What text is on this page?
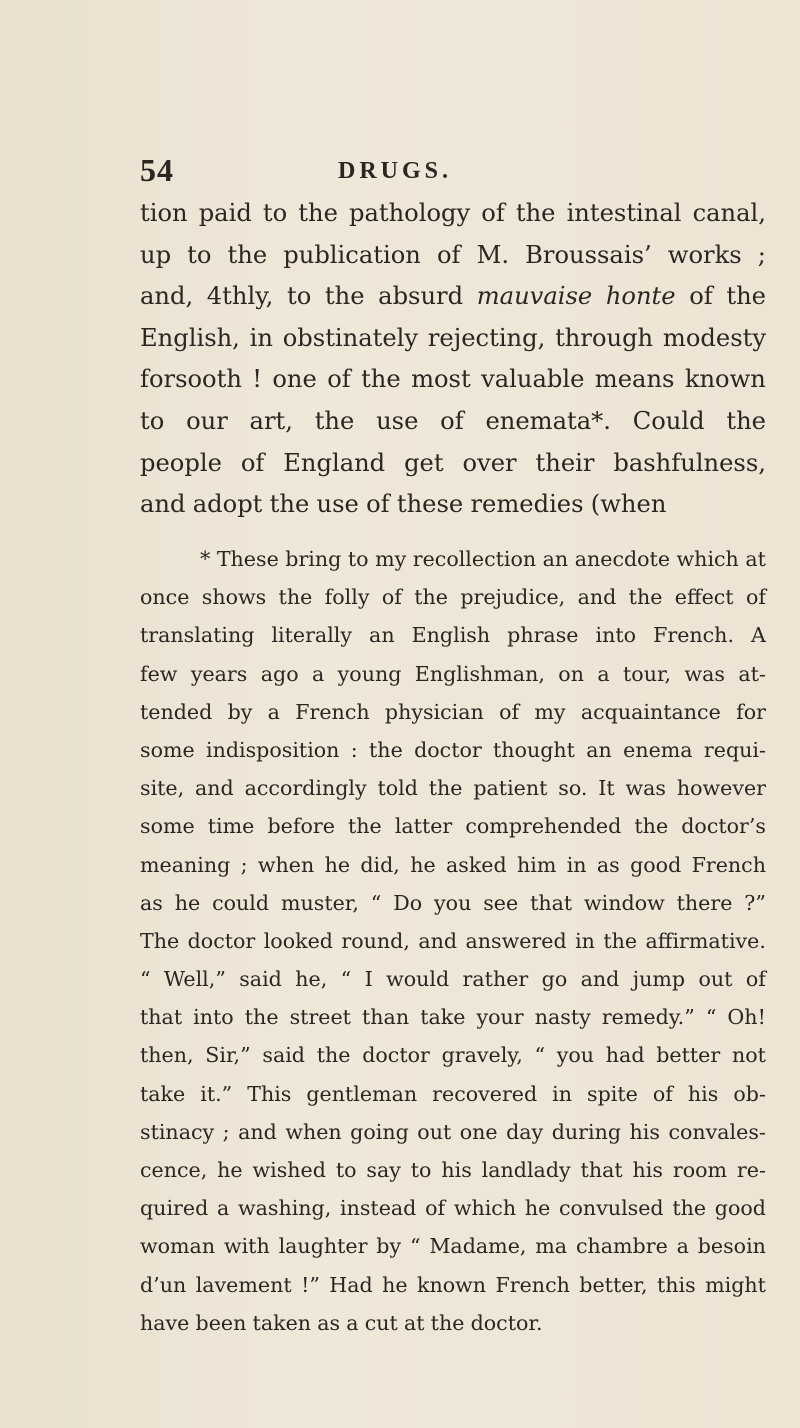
54	DRUGS.
tion paid to the pathology of the intestinal canal,
up to the publication of M. Broussais’ works ;
and, 4thly, to the absurd mauvaise honte of the
English, in obstinately rejecting, through modesty
forsooth ! one of the most valuable means known
to our art, the use of enemata*. Could the
people of England get over their bashfulness,
and adopt the use of these remedies (when
* These bring to my recollection an anecdote which at
once shows the folly of the prejudice, and the effect of
translating literally an English phrase into French. A
few years ago a young Englishman, on a tour, was at-
tended by a French physician of my acquaintance for
some indisposition : the doctor thought an enema requi-
site, and accordingly told the patient so. It was however
some time before the latter comprehended the doctor’s
meaning ; when he did, he asked him in as good French
as he could muster, “ Do you see that window there ?”
The doctor looked round, and answered in the affirmative.
“ Well,” said he, “ I would rather go and jump out of
that into the street than take your nasty remedy.” “ Oh!
then, Sir,” said the doctor gravely, “ you had better not
take it.” This gentleman recovered in spite of his ob-
stinacy ; and when going out one day during his convales-
cence, he wished to say to his landlady that his room re-
quired a washing, instead of which he convulsed the good
woman with laughter by “ Madame, ma chambre a besoin
d’un lavement !” Had he known French better, this might
have been taken as a cut at the doctor.
